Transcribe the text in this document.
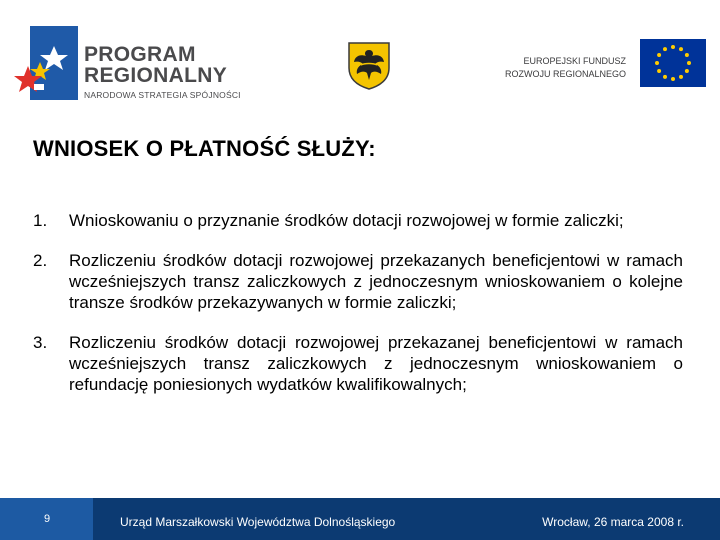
PROGRAM
REGIONALNY
NARODOWA STRATEGIA SPÓJNOŚCI
EUROPEJSKI FUNDUSZ
ROZWOJU REGIONALNEGO
WNIOSEK O PŁATNOŚĆ SŁUŻY:
1. Wnioskowaniu o przyznanie środków dotacji rozwojowej w formie zaliczki;
2. Rozliczeniu środków dotacji rozwojowej przekazanych beneficjentowi w ramach wcześniejszych transz zaliczkowych z jednoczesnym wnioskowaniem o kolejne transze środków przekazywanych w formie zaliczki;
3. Rozliczeniu środków dotacji rozwojowej przekazanej beneficjentowi w ramach wcześniejszych transz zaliczkowych z jednoczesnym wnioskowaniem o refundację poniesionych wydatków kwalifikowalnych;
9	Urząd Marszałkowski Województwa Dolnośląskiego	Wrocław, 26 marca 2008 r.
